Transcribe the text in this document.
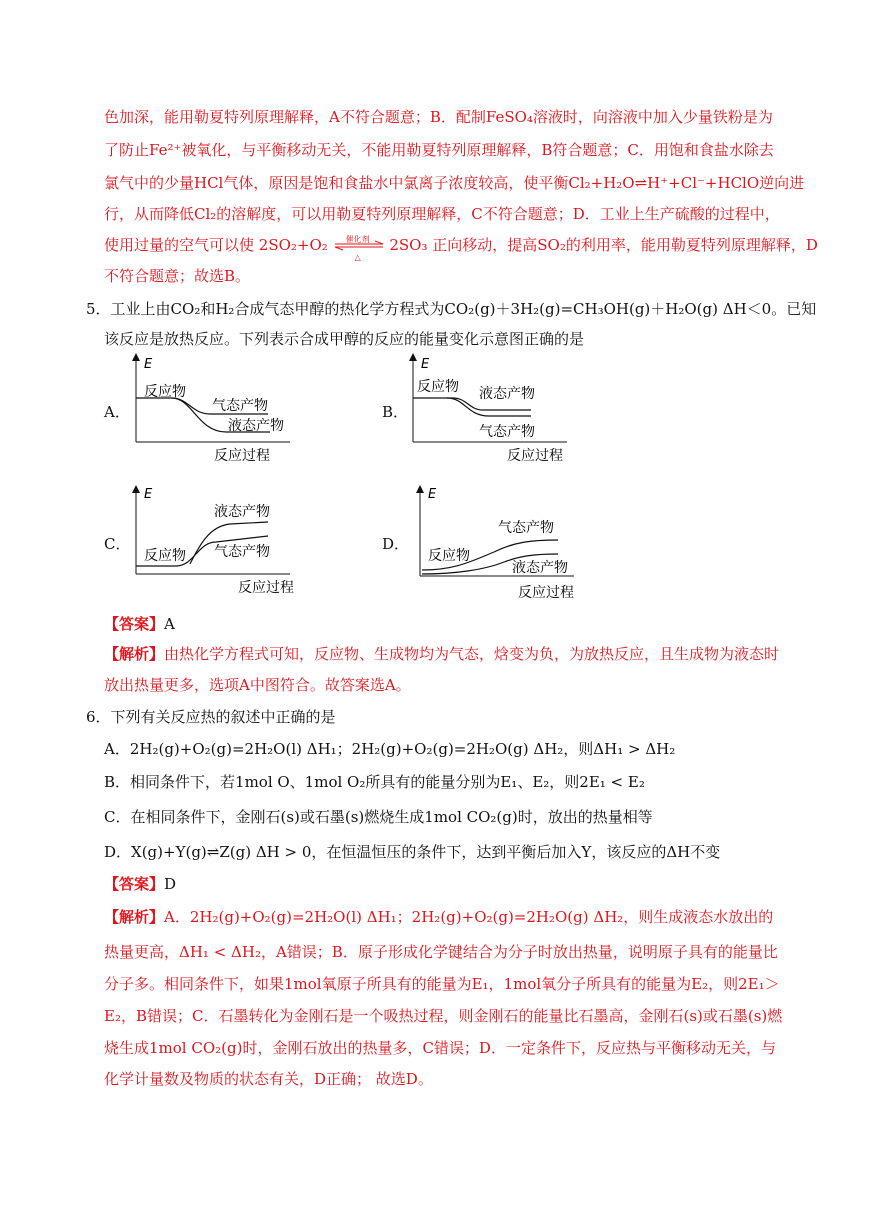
色加深，能用勒夏特列原理解释，A不符合题意；B．配制FeSO₄溶液时，向溶液中加入少量铁粉是为
了防止Fe²⁺被氧化，与平衡移动无关，不能用勒夏特列原理解释，B符合题意；C．用饱和食盐水除去
氯气中的少量HCl气体，原因是饱和食盐水中氯离子浓度较高，使平衡Cl₂+H₂O⇌H⁺+Cl⁻+HClO逆向进
行，从而降低Cl₂的溶解度，可以用勒夏特列原理解释，C不符合题意；D．工业上生产硫酸的过程中，
使用过量的空气可以使 2SO₂+O₂ 催化剂
△
2SO₃ 正向移动，提高SO₂的利用率，能用勒夏特列原理解释，D
不符合题意；故选B。
5．工业上由CO₂和H₂合成气态甲醇的热化学方程式为CO₂(g)＋3H₂(g)=CH₃OH(g)＋H₂O(g) ΔH＜0。已知
该反应是放热反应。下列表示合成甲醇的反应的能量变化示意图正确的是
A．
E
反应物
气态产物
液态产物
反应过程
B．
E
反应物 液态产物
气态产物
反应过程
C．
E
液态产物
气态产物
反应物
反应过程
D．
E
气态产物
反应物
液态产物
反应过程
【答案】A
【解析】由热化学方程式可知，反应物、生成物均为气态，焓变为负，为放热反应，且生成物为液态时
放出热量更多，选项A中图符合。故答案选A。
6．下列有关反应热的叙述中正确的是
A．2H₂(g)+O₂(g)=2H₂O(l) ΔH₁；2H₂(g)+O₂(g)=2H₂O(g) ΔH₂，则ΔH₁ > ΔH₂
B．相同条件下，若1mol O、1mol O₂所具有的能量分别为E₁、E₂，则2E₁ < E₂
C．在相同条件下，金刚石(s)或石墨(s)燃烧生成1mol CO₂(g)时，放出的热量相等
D．X(g)+Y(g)⇌Z(g) ΔH > 0，在恒温恒压的条件下，达到平衡后加入Y，该反应的ΔH不变
【答案】D
【解析】A．2H₂(g)+O₂(g)=2H₂O(l) ΔH₁；2H₂(g)+O₂(g)=2H₂O(g) ΔH₂，则生成液态水放出的
热量更高，ΔH₁ < ΔH₂，A错误；B．原子形成化学键结合为分子时放出热量，说明原子具有的能量比
分子多。相同条件下，如果1mol氧原子所具有的能量为E₁，1mol氧分子所具有的能量为E₂，则2E₁＞
E₂，B错误；C．石墨转化为金刚石是一个吸热过程，则金刚石的能量比石墨高，金刚石(s)或石墨(s)燃
烧生成1mol CO₂(g)时，金刚石放出的热量多，C错误；D．一定条件下，反应热与平衡移动无关，与
化学计量数及物质的状态有关，D正确； 故选D。
